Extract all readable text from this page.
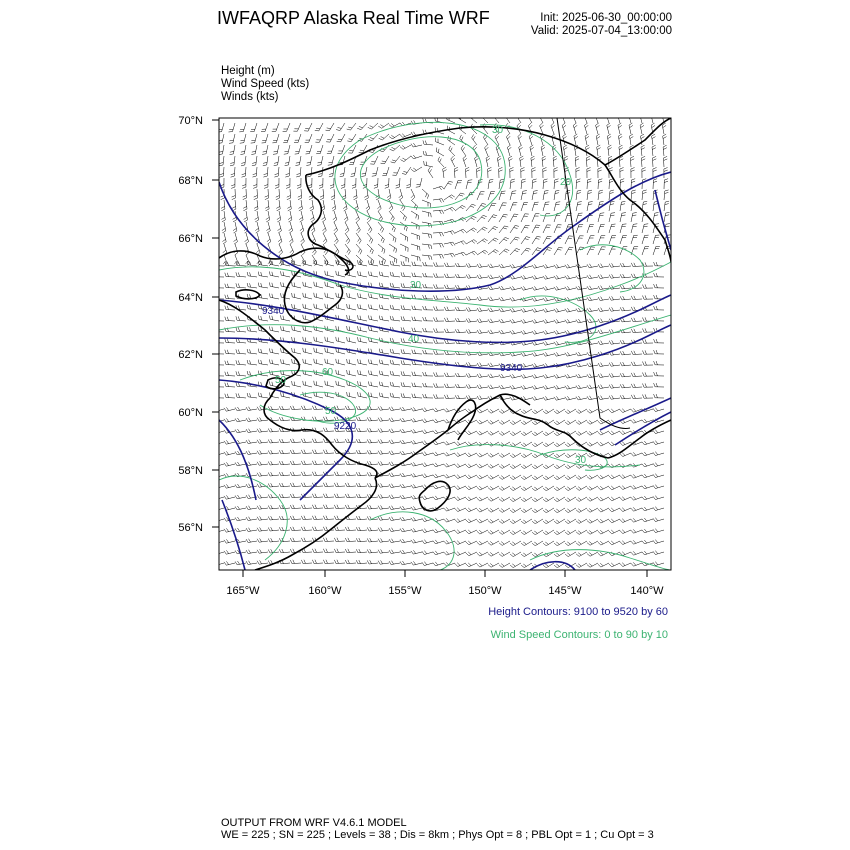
IWFAQRP Alaska Real Time WRF	Init: 2025-06-30_00:00:00
Valid: 2025-07-04_13:00:00
Height (m)
Wind Speed (kts)
Winds (kts)
70°N
68°N
66°N
64°N
62°N
60°N
58°N
56°N
165°W	160°W	155°W	150°W	145°W	140°W
9340
9340
9220
30
20
30
40
60
50
50
30
Height Contours: 9100 to 9520 by 60
Wind Speed Contours: 0 to 90 by 10
OUTPUT FROM WRF V4.6.1 MODEL
WE = 225 ; SN = 225 ; Levels = 38 ; Dis = 8km ; Phys Opt = 8 ; PBL Opt = 1 ; Cu Opt = 3
